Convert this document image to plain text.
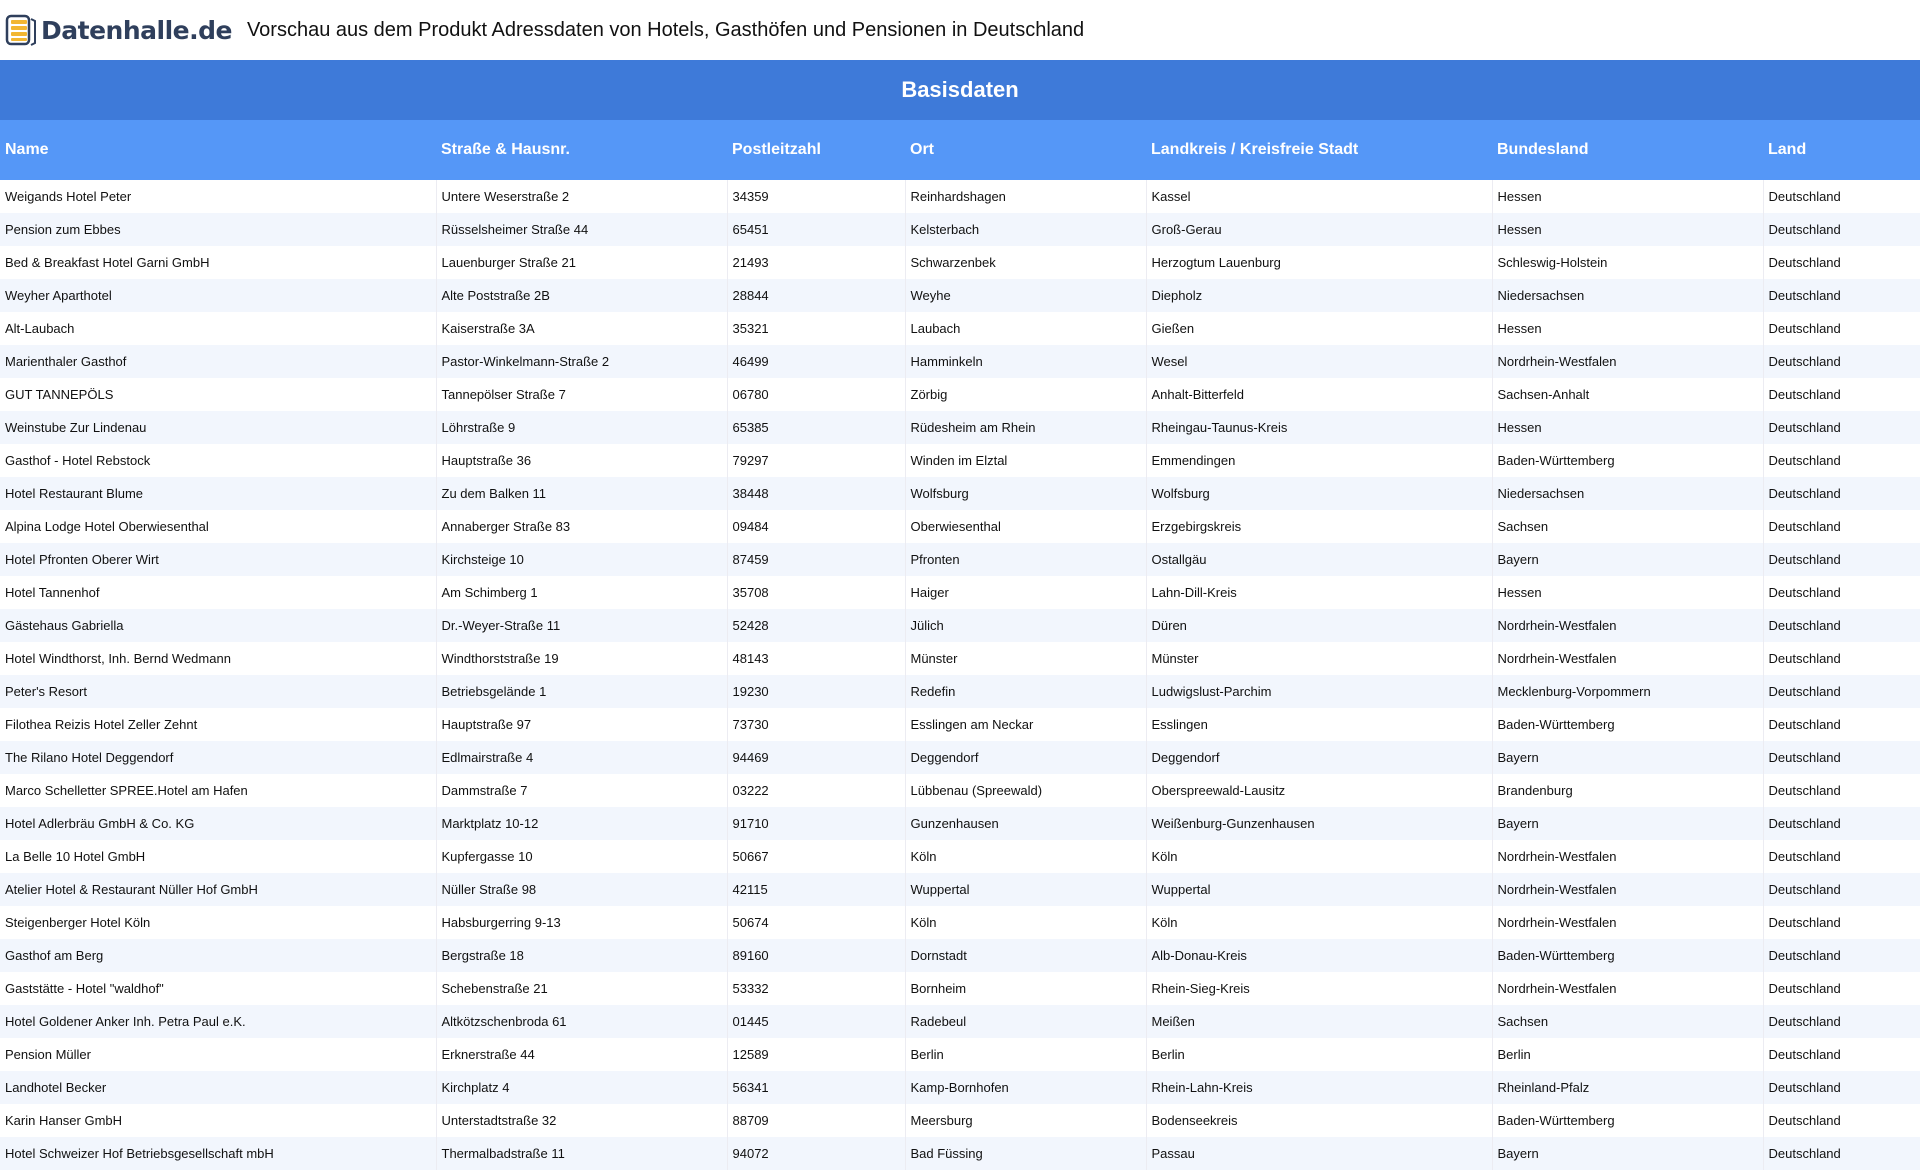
Datenhalle.de Vorschau aus dem Produkt Adressdaten von Hotels, Gasthöfen und Pensionen in Deutschland
Basisdaten						
Name	Straße & Hausnr.	Postleitzahl	Ort	Landkreis / Kreisfreie Stadt	Bundesland	Land
Weigands Hotel Peter	Untere Weserstraße 2	34359	Reinhardshagen	Kassel	Hessen	Deutschland
Pension zum Ebbes	Rüsselsheimer Straße 44	65451	Kelsterbach	Groß-Gerau	Hessen	Deutschland
Bed & Breakfast Hotel Garni GmbH	Lauenburger Straße 21	21493	Schwarzenbek	Herzogtum Lauenburg	Schleswig-Holstein	Deutschland
Weyher Aparthotel	Alte Poststraße 2B	28844	Weyhe	Diepholz	Niedersachsen	Deutschland
Alt-Laubach	Kaiserstraße 3A	35321	Laubach	Gießen	Hessen	Deutschland
Marienthaler Gasthof	Pastor-Winkelmann-Straße 2	46499	Hamminkeln	Wesel	Nordrhein-Westfalen	Deutschland
GUT TANNEPÖLS	Tannepölser Straße 7	06780	Zörbig	Anhalt-Bitterfeld	Sachsen-Anhalt	Deutschland
Weinstube Zur Lindenau	Löhrstraße 9	65385	Rüdesheim am Rhein	Rheingau-Taunus-Kreis	Hessen	Deutschland
Gasthof - Hotel Rebstock	Hauptstraße 36	79297	Winden im Elztal	Emmendingen	Baden-Württemberg	Deutschland
Hotel Restaurant Blume	Zu dem Balken 11	38448	Wolfsburg	Wolfsburg	Niedersachsen	Deutschland
Alpina Lodge Hotel Oberwiesenthal	Annaberger Straße 83	09484	Oberwiesenthal	Erzgebirgskreis	Sachsen	Deutschland
Hotel Pfronten Oberer Wirt	Kirchsteige 10	87459	Pfronten	Ostallgäu	Bayern	Deutschland
Hotel Tannenhof	Am Schimberg 1	35708	Haiger	Lahn-Dill-Kreis	Hessen	Deutschland
Gästehaus Gabriella	Dr.-Weyer-Straße 11	52428	Jülich	Düren	Nordrhein-Westfalen	Deutschland
Hotel Windthorst, Inh. Bernd Wedmann	Windthorststraße 19	48143	Münster	Münster	Nordrhein-Westfalen	Deutschland
Peter's Resort	Betriebsgelände 1	19230	Redefin	Ludwigslust-Parchim	Mecklenburg-Vorpommern	Deutschland
Filothea Reizis Hotel Zeller Zehnt	Hauptstraße 97	73730	Esslingen am Neckar	Esslingen	Baden-Württemberg	Deutschland
The Rilano Hotel Deggendorf	Edlmairstraße 4	94469	Deggendorf	Deggendorf	Bayern	Deutschland
Marco Schelletter SPREE.Hotel am Hafen	Dammstraße 7	03222	Lübbenau (Spreewald)	Oberspreewald-Lausitz	Brandenburg	Deutschland
Hotel Adlerbräu GmbH & Co. KG	Marktplatz 10-12	91710	Gunzenhausen	Weißenburg-Gunzenhausen	Bayern	Deutschland
La Belle 10 Hotel GmbH	Kupfergasse 10	50667	Köln	Köln	Nordrhein-Westfalen	Deutschland
Atelier Hotel & Restaurant Nüller Hof GmbH	Nüller Straße 98	42115	Wuppertal	Wuppertal	Nordrhein-Westfalen	Deutschland
Steigenberger Hotel Köln	Habsburgerring 9-13	50674	Köln	Köln	Nordrhein-Westfalen	Deutschland
Gasthof am Berg	Bergstraße 18	89160	Dornstadt	Alb-Donau-Kreis	Baden-Württemberg	Deutschland
Gaststätte - Hotel "waldhof"	Schebenstraße 21	53332	Bornheim	Rhein-Sieg-Kreis	Nordrhein-Westfalen	Deutschland
Hotel Goldener Anker Inh. Petra Paul e.K.	Altkötzschenbroda 61	01445	Radebeul	Meißen	Sachsen	Deutschland
Pension Müller	Erknerstraße 44	12589	Berlin	Berlin	Berlin	Deutschland
Landhotel Becker	Kirchplatz 4	56341	Kamp-Bornhofen	Rhein-Lahn-Kreis	Rheinland-Pfalz	Deutschland
Karin Hanser GmbH	Unterstadtstraße 32	88709	Meersburg	Bodenseekreis	Baden-Württemberg	Deutschland
Hotel Schweizer Hof Betriebsgesellschaft mbH	Thermalbadstraße 11	94072	Bad Füssing	Passau	Bayern	Deutschland
